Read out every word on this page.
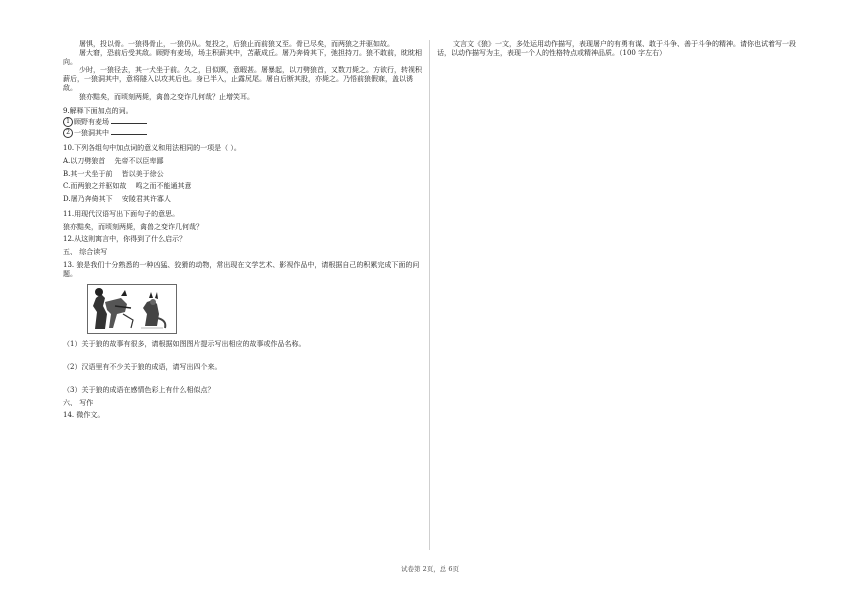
屠惧，投以骨。一狼得骨止，一狼仍从。复投之，后狼止而前狼又至。骨已尽矣，而两狼之并驱如故。

屠大窘，恐前后受其敌。顾野有麦场，场主积薪其中，苫蔽成丘。屠乃奔倚其下，弛担持刀。狼不敢前，眈眈相向。

少时，一狼径去，其一犬坐于前。久之，目似瞑，意暇甚。屠暴起，以刀劈狼首，又数刀毙之。方欲行，转视积薪后，一狼洞其中，意将隧入以攻其后也。身已半入，止露尻尾。屠自后断其股，亦毙之。乃悟前狼假寐，盖以诱敌。

狼亦黠矣，而顷刻两毙，禽兽之变诈几何哉？止增笑耳。

9.解释下面加点的词。

1 顾野有麦场

2 一狼洞其中

10.下列各组句中加点词的意义和用法相同的一项是（ ）。

A.以刀劈狼首　 先帝不以臣卑鄙

B.其一犬坐于前　 皆以美于徐公

C.而两狼之并驱如故　 鸣之而不能通其意

D.屠乃奔倚其下　 安陵君其许寡人

11.用现代汉语写出下面句子的意思。

狼亦黠矣，而顷刻两毙，禽兽之变诈几何哉？

12.从这则寓言中，你得到了什么启示？

五、 综合读写

13. 狼是我们十分熟悉的一种凶猛、狡猾的动物，常出现在文学艺术、影视作品中，请根据自己的积累完成下面的问题。

（1）关于狼的故事有很多，请根据如图图片提示写出相应的故事或作品名称。

（2）汉语里有不少关于狼的成语，请写出四个来。

（3）关于狼的成语在感情色彩上有什么相似点？

六、 写作

14. 微作文。

文言文《狼》一文，多处运用动作描写，表现屠户的有勇有谋、敢于斗争、善于斗争的精神。请你也试着写一段话，以动作描写为主，表现一个人的性格特点或精神品质。（100 字左右）

试卷第 2页，总 6页
